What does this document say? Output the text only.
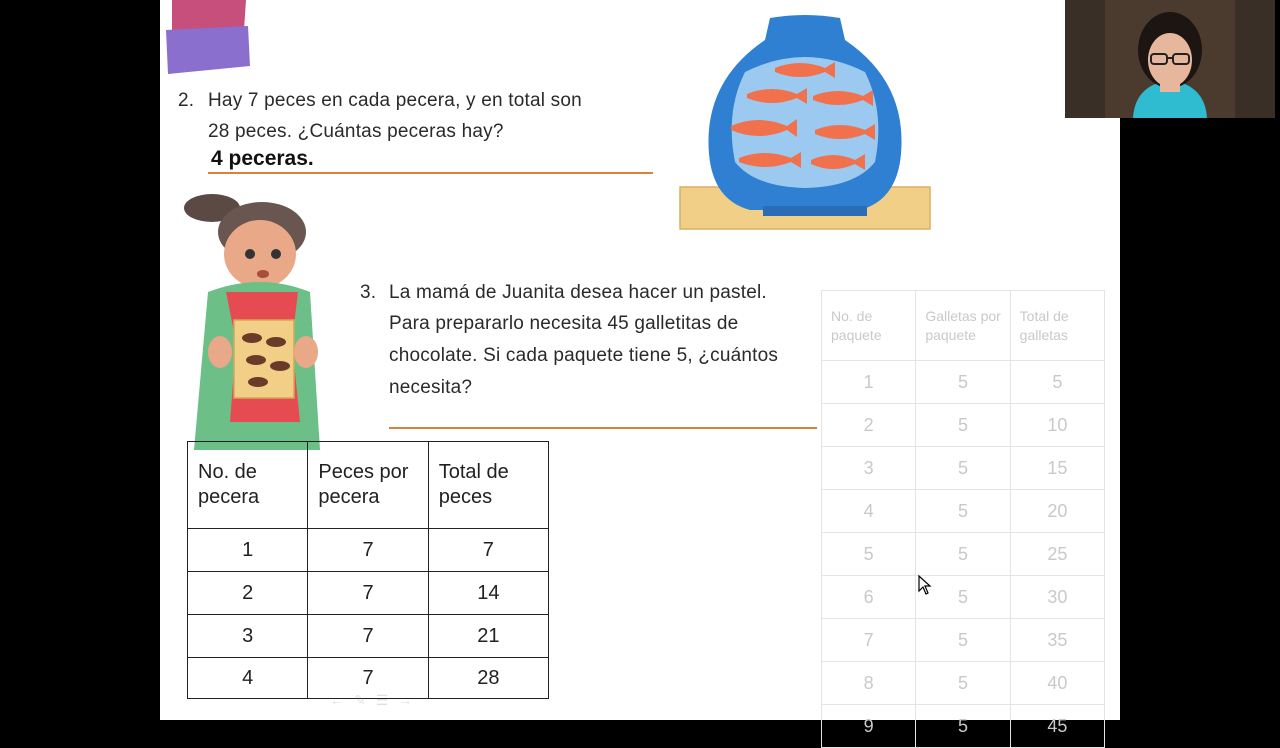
2. Hay 7 peces en cada pecera, y en total son
28 peces. ¿Cuántas peceras hay?
4 peceras.
3. La mamá de Juanita desea hacer un pastel.
Para prepararlo necesita 45 galletitas de
chocolate. Si cada paquete tiene 5, ¿cuántos
necesita?
No. de pecera	Peces por pecera	Total de peces
1	7	7
2	7	14
3	7	21
4	7	28
No. de paquete	Galletas por paquete	Total de galletas
1	5	5
2	5	10
3	5	15
4	5	20
5	5	25
6	5	30
7	5	35
8	5	40
9	5	45
← ✎ ☰ →
